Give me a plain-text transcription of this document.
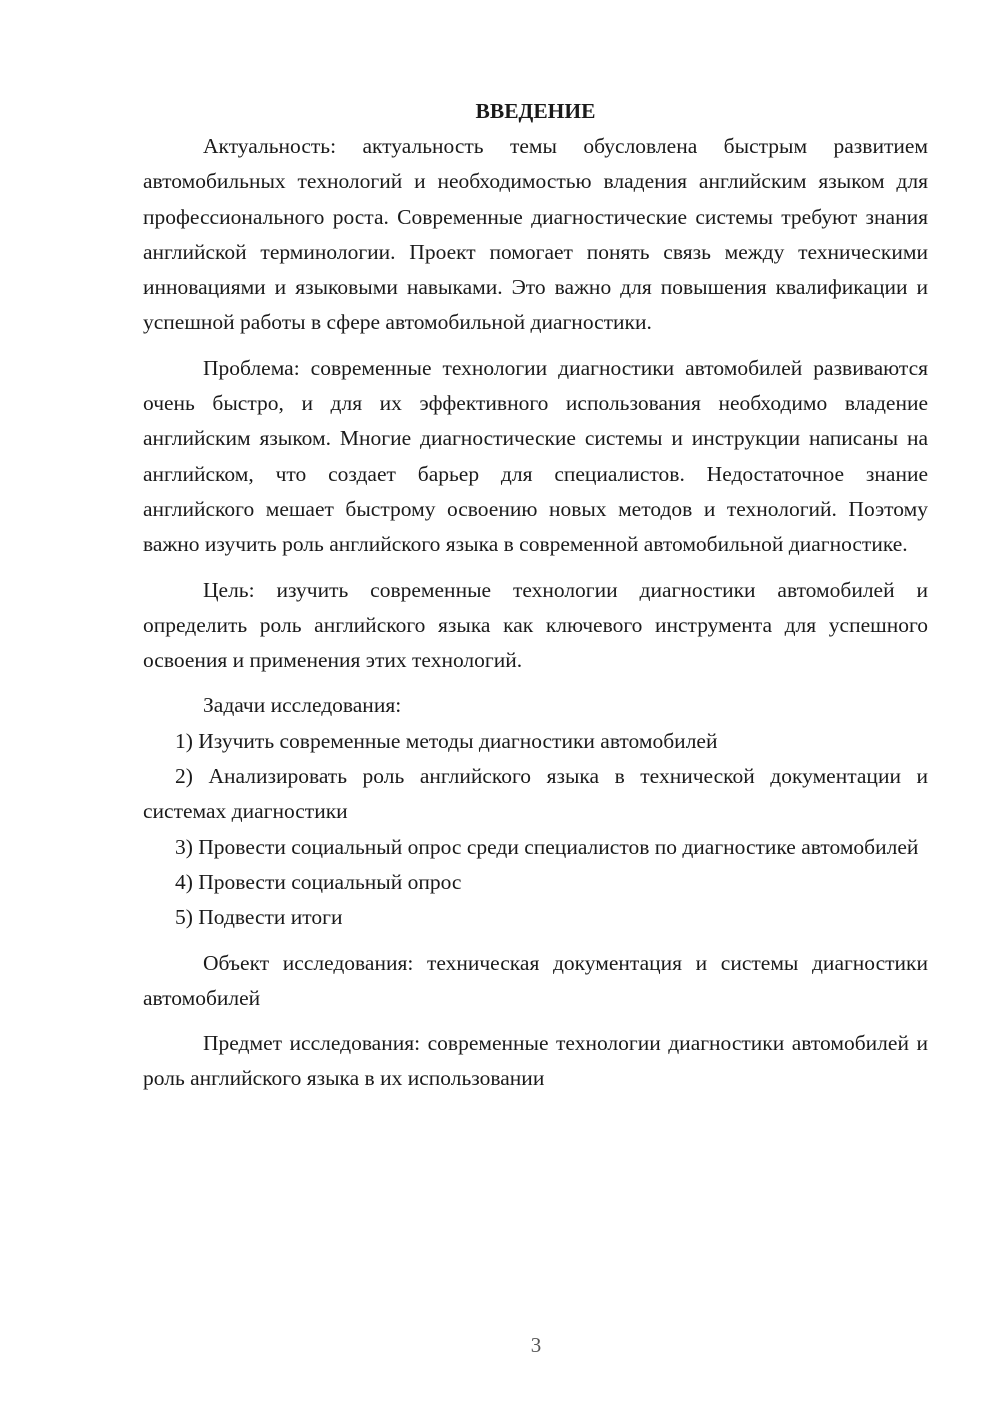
ВВЕДЕНИЕ

Актуальность: актуальность темы обусловлена быстрым развитием автомобильных технологий и необходимостью владения английским языком для профессионального роста. Современные диагностические системы требуют знания английской терминологии. Проект помогает понять связь между техническими инновациями и языковыми навыками. Это важно для повышения квалификации и успешной работы в сфере автомобильной диагностики.

Проблема: современные технологии диагностики автомобилей развиваются очень быстро, и для их эффективного использования необходимо владение английским языком. Многие диагностические системы и инструкции написаны на английском, что создает барьер для специалистов. Недостаточное знание английского мешает быстрому освоению новых методов и технологий. Поэтому важно изучить роль английского языка в современной автомобильной диагностике.

Цель: изучить современные технологии диагностики автомобилей и определить роль английского языка как ключевого инструмента для успешного освоения и применения этих технологий.

Задачи исследования:

1) Изучить современные методы диагностики автомобилей

2) Анализировать роль английского языка в технической документации и системах диагностики

3) Провести социальный опрос среди специалистов по диагностике автомобилей

4) Провести социальный опрос

5) Подвести итоги

Объект исследования: техническая документация и системы диагностики автомобилей

Предмет исследования: современные технологии диагностики автомобилей и роль английского языка в их использовании

3
